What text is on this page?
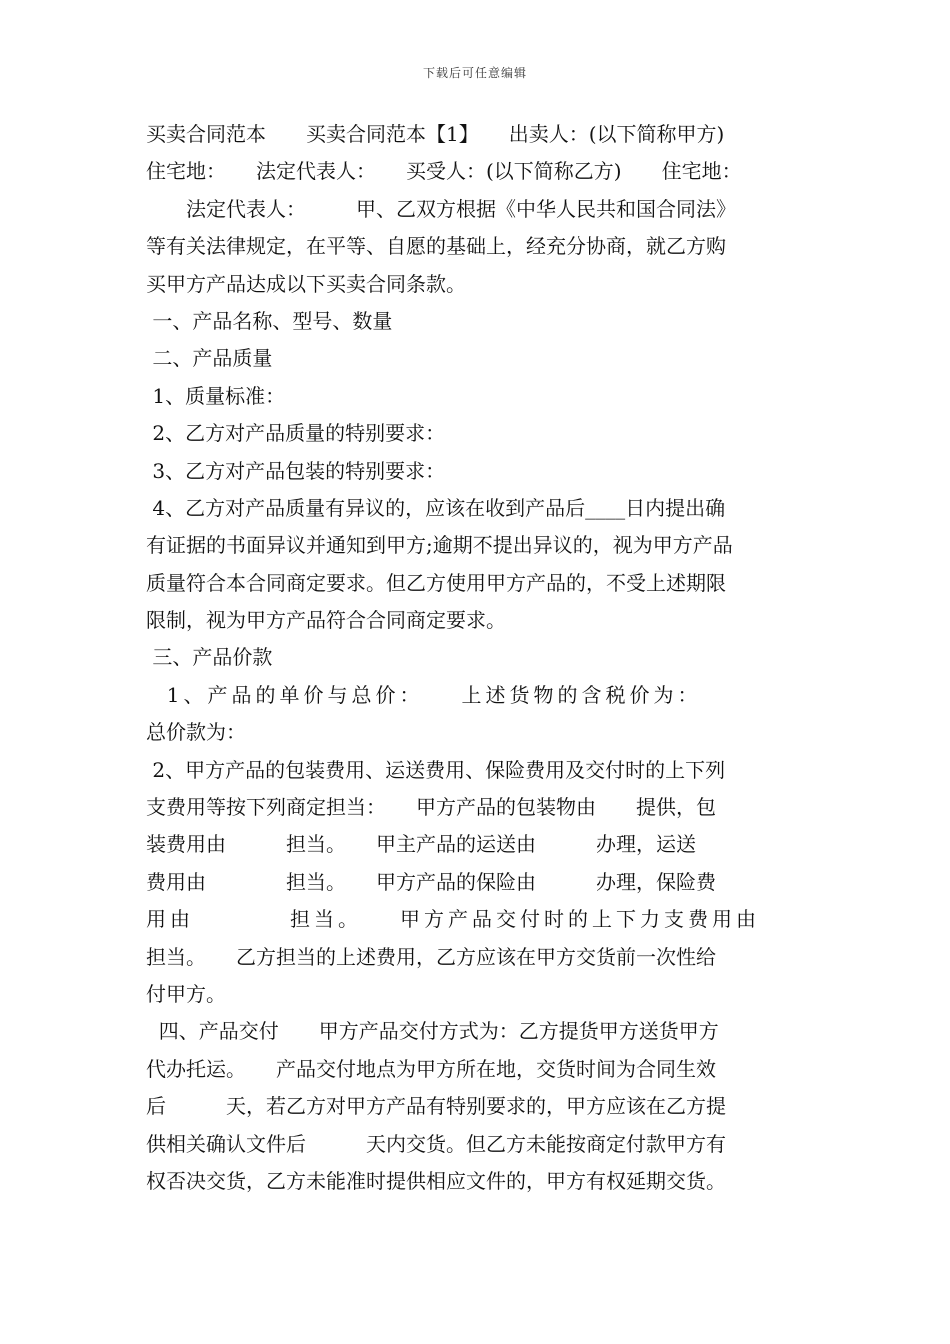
下载后可任意编辑
买卖合同范本　　买卖合同范本【1】　　出卖人：(以下简称甲方)
住宅地：　　法定代表人：　　买受人：(以下简称乙方)　　住宅地：
　　法定代表人：　　　甲、乙双方根据《中华人民共和国合同法》
等有关法律规定，在平等、自愿的基础上，经充分协商，就乙方购
买甲方产品达成以下买卖合同条款。
一、产品名称、型号、数量
二、产品质量
1、质量标准：
2、乙方对产品质量的特别要求：
3、乙方对产品包装的特别要求：
4、乙方对产品质量有异议的，应该在收到产品后____日内提出确
有证据的书面异议并通知到甲方;逾期不提出异议的，视为甲方产品
质量符合本合同商定要求。但乙方使用甲方产品的，不受上述期限
限制，视为甲方产品符合合同商定要求。
三、产品价款
1、产品的单价与总价：　　上述货物的含税价为：
总价款为：
2、甲方产品的包装费用、运送费用、保险费用及交付时的上下列
支费用等按下列商定担当：　　甲方产品的包装物由　　提供，包
装费用由　　　担当。　　甲主产品的运送由　　　办理，运送
费用由　　　　担当。　　甲方产品的保险由　　　办理，保险费
用由　　　　担当。　　甲方产品交付时的上下力支费用由
担当。　　乙方担当的上述费用，乙方应该在甲方交货前一次性给
付甲方。
四、产品交付　　甲方产品交付方式为：乙方提货甲方送货甲方
代办托运。　　产品交付地点为甲方所在地，交货时间为合同生效
后　　　天，若乙方对甲方产品有特别要求的，甲方应该在乙方提
供相关确认文件后　　　天内交货。但乙方未能按商定付款甲方有
权否决交货，乙方未能准时提供相应文件的，甲方有权延期交货。
